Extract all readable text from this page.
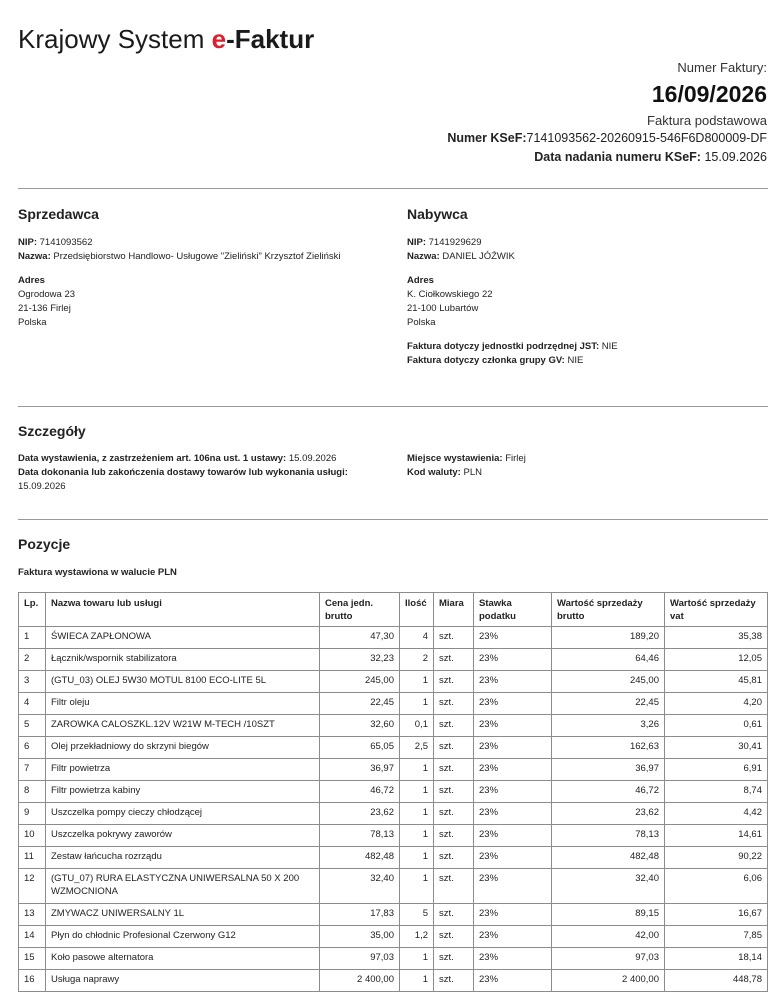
Krajowy System e-Faktur
Numer Faktury:
16/09/2026
Faktura podstawowa
Numer KSeF:7141093562-20260915-546F6D800009-DF
Data nadania numeru KSeF: 15.09.2026
Sprzedawca
NIP: 7141093562
Nazwa: Przedsiębiorstwo Handlowo- Usługowe "Zieliński" Krzysztof Zieliński
Adres
Ogrodowa 23
21-136 Firlej
Polska
Nabywca
NIP: 7141929629
Nazwa: DANIEL JÓŹWIK
Adres
K. Ciołkowskiego 22
21-100 Lubartów
Polska
Faktura dotyczy jednostki podrzędnej JST: NIE
Faktura dotyczy członka grupy GV: NIE
Szczegóły
Data wystawienia, z zastrzeżeniem art. 106na ust. 1 ustawy: 15.09.2026
Data dokonania lub zakończenia dostawy towarów lub wykonania usługi: 15.09.2026
Miejsce wystawienia: Firlej
Kod waluty: PLN
Pozycje
Faktura wystawiona w walucie PLN
Lp.	Nazwa towaru lub usługi	Cena jedn. brutto	Ilość	Miara	Stawka podatku	Wartość sprzedaży brutto	Wartość sprzedaży vat
1	ŚWIECA ZAPŁONOWA	47,30	4	szt.	23%	189,20	35,38
2	Łącznik/wspornik stabilizatora	32,23	2	szt.	23%	64,46	12,05
3	(GTU_03) OLEJ 5W30 MOTUL 8100 ECO-LITE 5L	245,00	1	szt.	23%	245,00	45,81
4	Filtr oleju	22,45	1	szt.	23%	22,45	4,20
5	ZAROWKA CALOSZKL.12V W21W M-TECH /10SZT	32,60	0,1	szt.	23%	3,26	0,61
6	Olej przekładniowy do skrzyni biegów	65,05	2,5	szt.	23%	162,63	30,41
7	Filtr powietrza	36,97	1	szt.	23%	36,97	6,91
8	Filtr powietrza kabiny	46,72	1	szt.	23%	46,72	8,74
9	Uszczelka pompy cieczy chłodzącej	23,62	1	szt.	23%	23,62	4,42
10	Uszczelka pokrywy zaworów	78,13	1	szt.	23%	78,13	14,61
11	Zestaw łańcucha rozrządu	482,48	1	szt.	23%	482,48	90,22
12	(GTU_07) RURA ELASTYCZNA UNIWERSALNA 50 X 200 WZMOCNIONA	32,40	1	szt.	23%	32,40	6,06
13	ZMYWACZ UNIWERSALNY 1L	17,83	5	szt.	23%	89,15	16,67
14	Płyn do chłodnic Profesional Czerwony G12	35,00	1,2	szt.	23%	42,00	7,85
15	Koło pasowe alternatora	97,03	1	szt.	23%	97,03	18,14
16	Usługa naprawy	2 400,00	1	szt.	23%	2 400,00	448,78
